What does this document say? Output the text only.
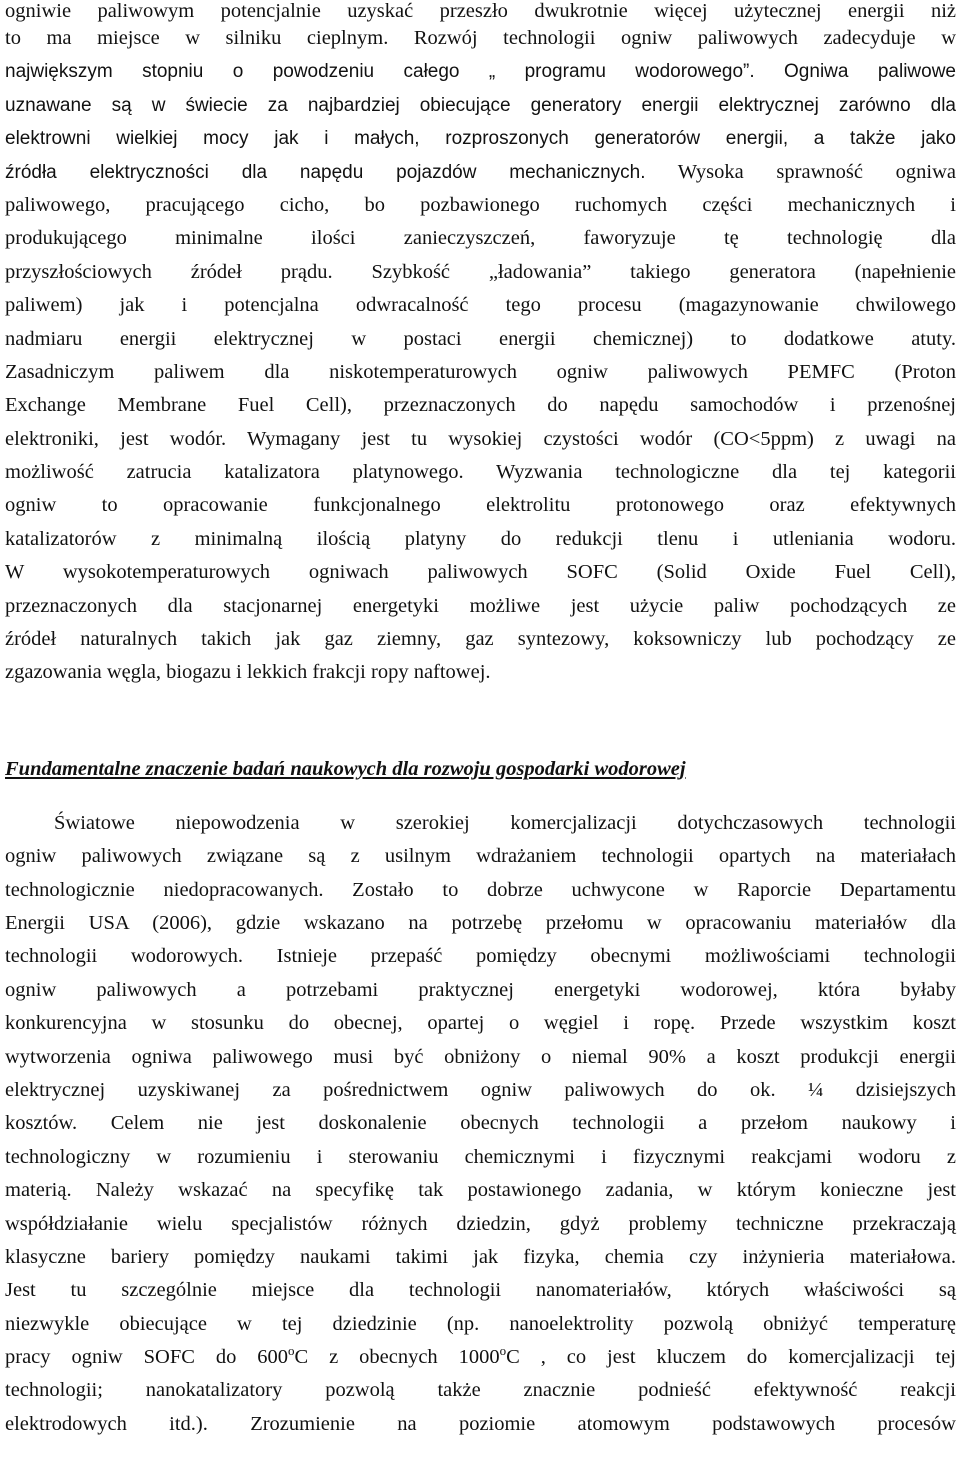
ogniwie paliwowym potencjalnie uzyskać przeszło dwukrotnie więcej użytecznej energii niż
to ma miejsce w silniku cieplnym. Rozwój technologii ogniw paliwowych zadecyduje w
największym stopniu o powodzeniu całego „ programu wodorowego”. Ogniwa paliwowe
uznawane są w świecie za najbardziej obiecujące generatory energii elektrycznej zarówno dla
elektrowni wielkiej mocy jak i małych, rozproszonych generatorów energii, a także jako
źródła elektryczności dla napędu pojazdów mechanicznych. Wysoka sprawność ogniwa
paliwowego, pracującego cicho, bo pozbawionego ruchomych części mechanicznych i
produkującego minimalne ilości zanieczyszczeń, faworyzuje tę technologię dla
przyszłościowych źródeł prądu. Szybkość „ładowania” takiego generatora (napełnienie
paliwem) jak i potencjalna odwracalność tego procesu (magazynowanie chwilowego
nadmiaru energii elektrycznej w postaci energii chemicznej) to dodatkowe atuty.
Zasadniczym paliwem dla niskotemperaturowych ogniw paliwowych PEMFC (Proton
Exchange Membrane Fuel Cell), przeznaczonych do napędu samochodów i przenośnej
elektroniki, jest wodór. Wymagany jest tu wysokiej czystości wodór (CO<5ppm) z uwagi na
możliwość zatrucia katalizatora platynowego. Wyzwania technologiczne dla tej kategorii
ogniw to opracowanie funkcjonalnego elektrolitu protonowego oraz efektywnych
katalizatorów z minimalną ilością platyny do redukcji tlenu i utleniania wodoru.
W wysokotemperaturowych ogniwach paliwowych SOFC (Solid Oxide Fuel Cell),
przeznaczonych dla stacjonarnej energetyki możliwe jest użycie paliw pochodzących ze
źródeł naturalnych takich jak gaz ziemny, gaz syntezowy, koksowniczy lub pochodzący ze
zgazowania węgla, biogazu i lekkich frakcji ropy naftowej.
Fundamentalne znaczenie badań naukowych dla rozwoju gospodarki wodorowej
Światowe niepowodzenia w szerokiej komercjalizacji dotychczasowych technologii
ogniw paliwowych związane są z usilnym wdrażaniem technologii opartych na materiałach
technologicznie niedopracowanych. Zostało to dobrze uchwycone w Raporcie Departamentu
Energii USA (2006), gdzie wskazano na potrzebę przełomu w opracowaniu materiałów dla
technologii wodorowych. Istnieje przepaść pomiędzy obecnymi możliwościami technologii
ogniw paliwowych a potrzebami praktycznej energetyki wodorowej, która byłaby
konkurencyjna w stosunku do obecnej, opartej o węgiel i ropę. Przede wszystkim koszt
wytworzenia ogniwa paliwowego musi być obniżony o niemal 90% a koszt produkcji energii
elektrycznej uzyskiwanej za pośrednictwem ogniw paliwowych do ok. ¼ dzisiejszych
kosztów. Celem nie jest doskonalenie obecnych technologii a przełom naukowy i
technologiczny w rozumieniu i sterowaniu chemicznymi i fizycznymi reakcjami wodoru z
materią. Należy wskazać na specyfikę tak postawionego zadania, w którym konieczne jest
współdziałanie wielu specjalistów różnych dziedzin, gdyż problemy techniczne przekraczają
klasyczne bariery pomiędzy naukami takimi jak fizyka, chemia czy inżynieria materiałowa.
Jest tu szczególnie miejsce dla technologii nanomateriałów, których właściwości są
niezwykle obiecujące w tej dziedzinie (np. nanoelektrolity pozwolą obniżyć temperaturę
pracy ogniw SOFC do 600$^o$C z obecnych 1000$^o$C , co jest kluczem do komercjalizacji tej
technologii; nanokatalizatory pozwolą także znacznie podnieść efektywność reakcji
elektrodowych itd.). Zrozumienie na poziomie atomowym podstawowych procesów
